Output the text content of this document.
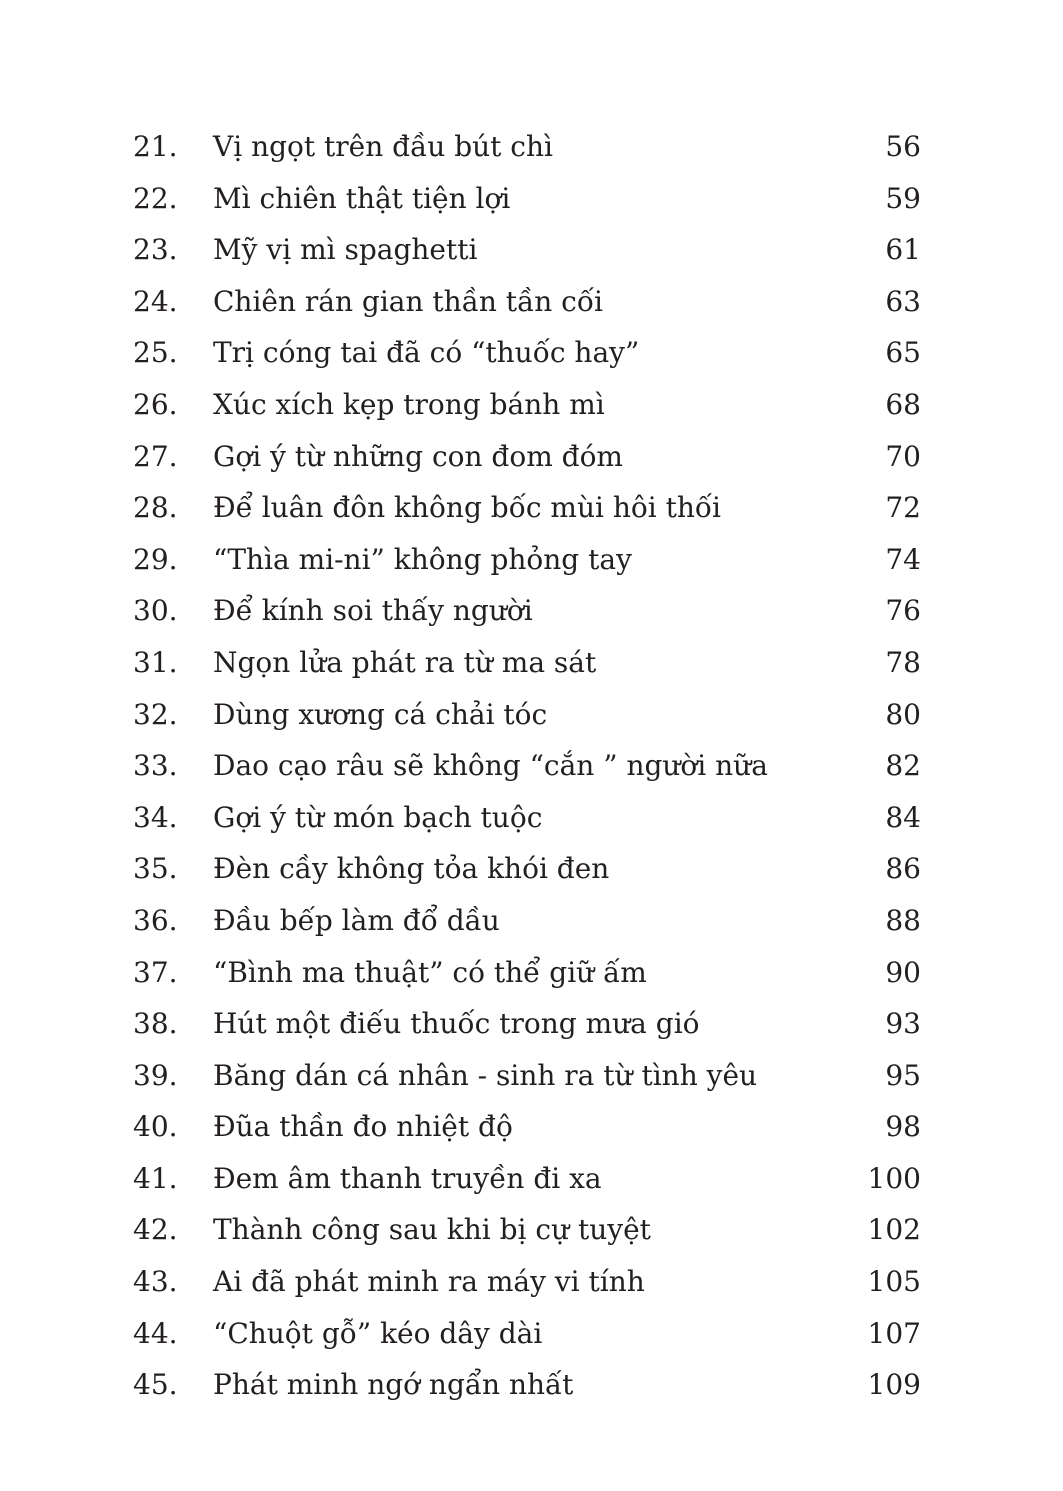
21.	Vị ngọt trên đầu bút chì	56
22.	Mì chiên thật tiện lợi	59
23.	Mỹ vị mì spaghetti	61
24.	Chiên rán gian thần tần cối	63
25.	Trị cóng tai đã có “thuốc hay”	65
26.	Xúc xích kẹp trong bánh mì	68
27.	Gợi ý từ những con đom đóm	70
28.	Để luân đôn không bốc mùi hôi thối	72
29.	“Thìa mi-ni” không phỏng tay	74
30.	Để kính soi thấy người	76
31.	Ngọn lửa phát ra từ ma sát	78
32.	Dùng xương cá chải tóc	80
33.	Dao cạo râu sẽ không “cắn ” người nữa	82
34.	Gợi ý từ món bạch tuộc	84
35.	Đèn cầy không tỏa khói đen	86
36.	Đầu bếp làm đổ dầu	88
37.	“Bình ma thuật” có thể giữ ấm	90
38.	Hút một điếu thuốc trong mưa gió	93
39.	Băng dán cá nhân - sinh ra từ tình yêu	95
40.	Đũa thần đo nhiệt độ	98
41.	Đem âm thanh truyền đi xa	100
42.	Thành công sau khi bị cự tuyệt	102
43.	Ai đã phát minh ra máy vi tính	105
44.	“Chuột gỗ” kéo dây dài	107
45.	Phát minh ngớ ngẩn nhất	109
